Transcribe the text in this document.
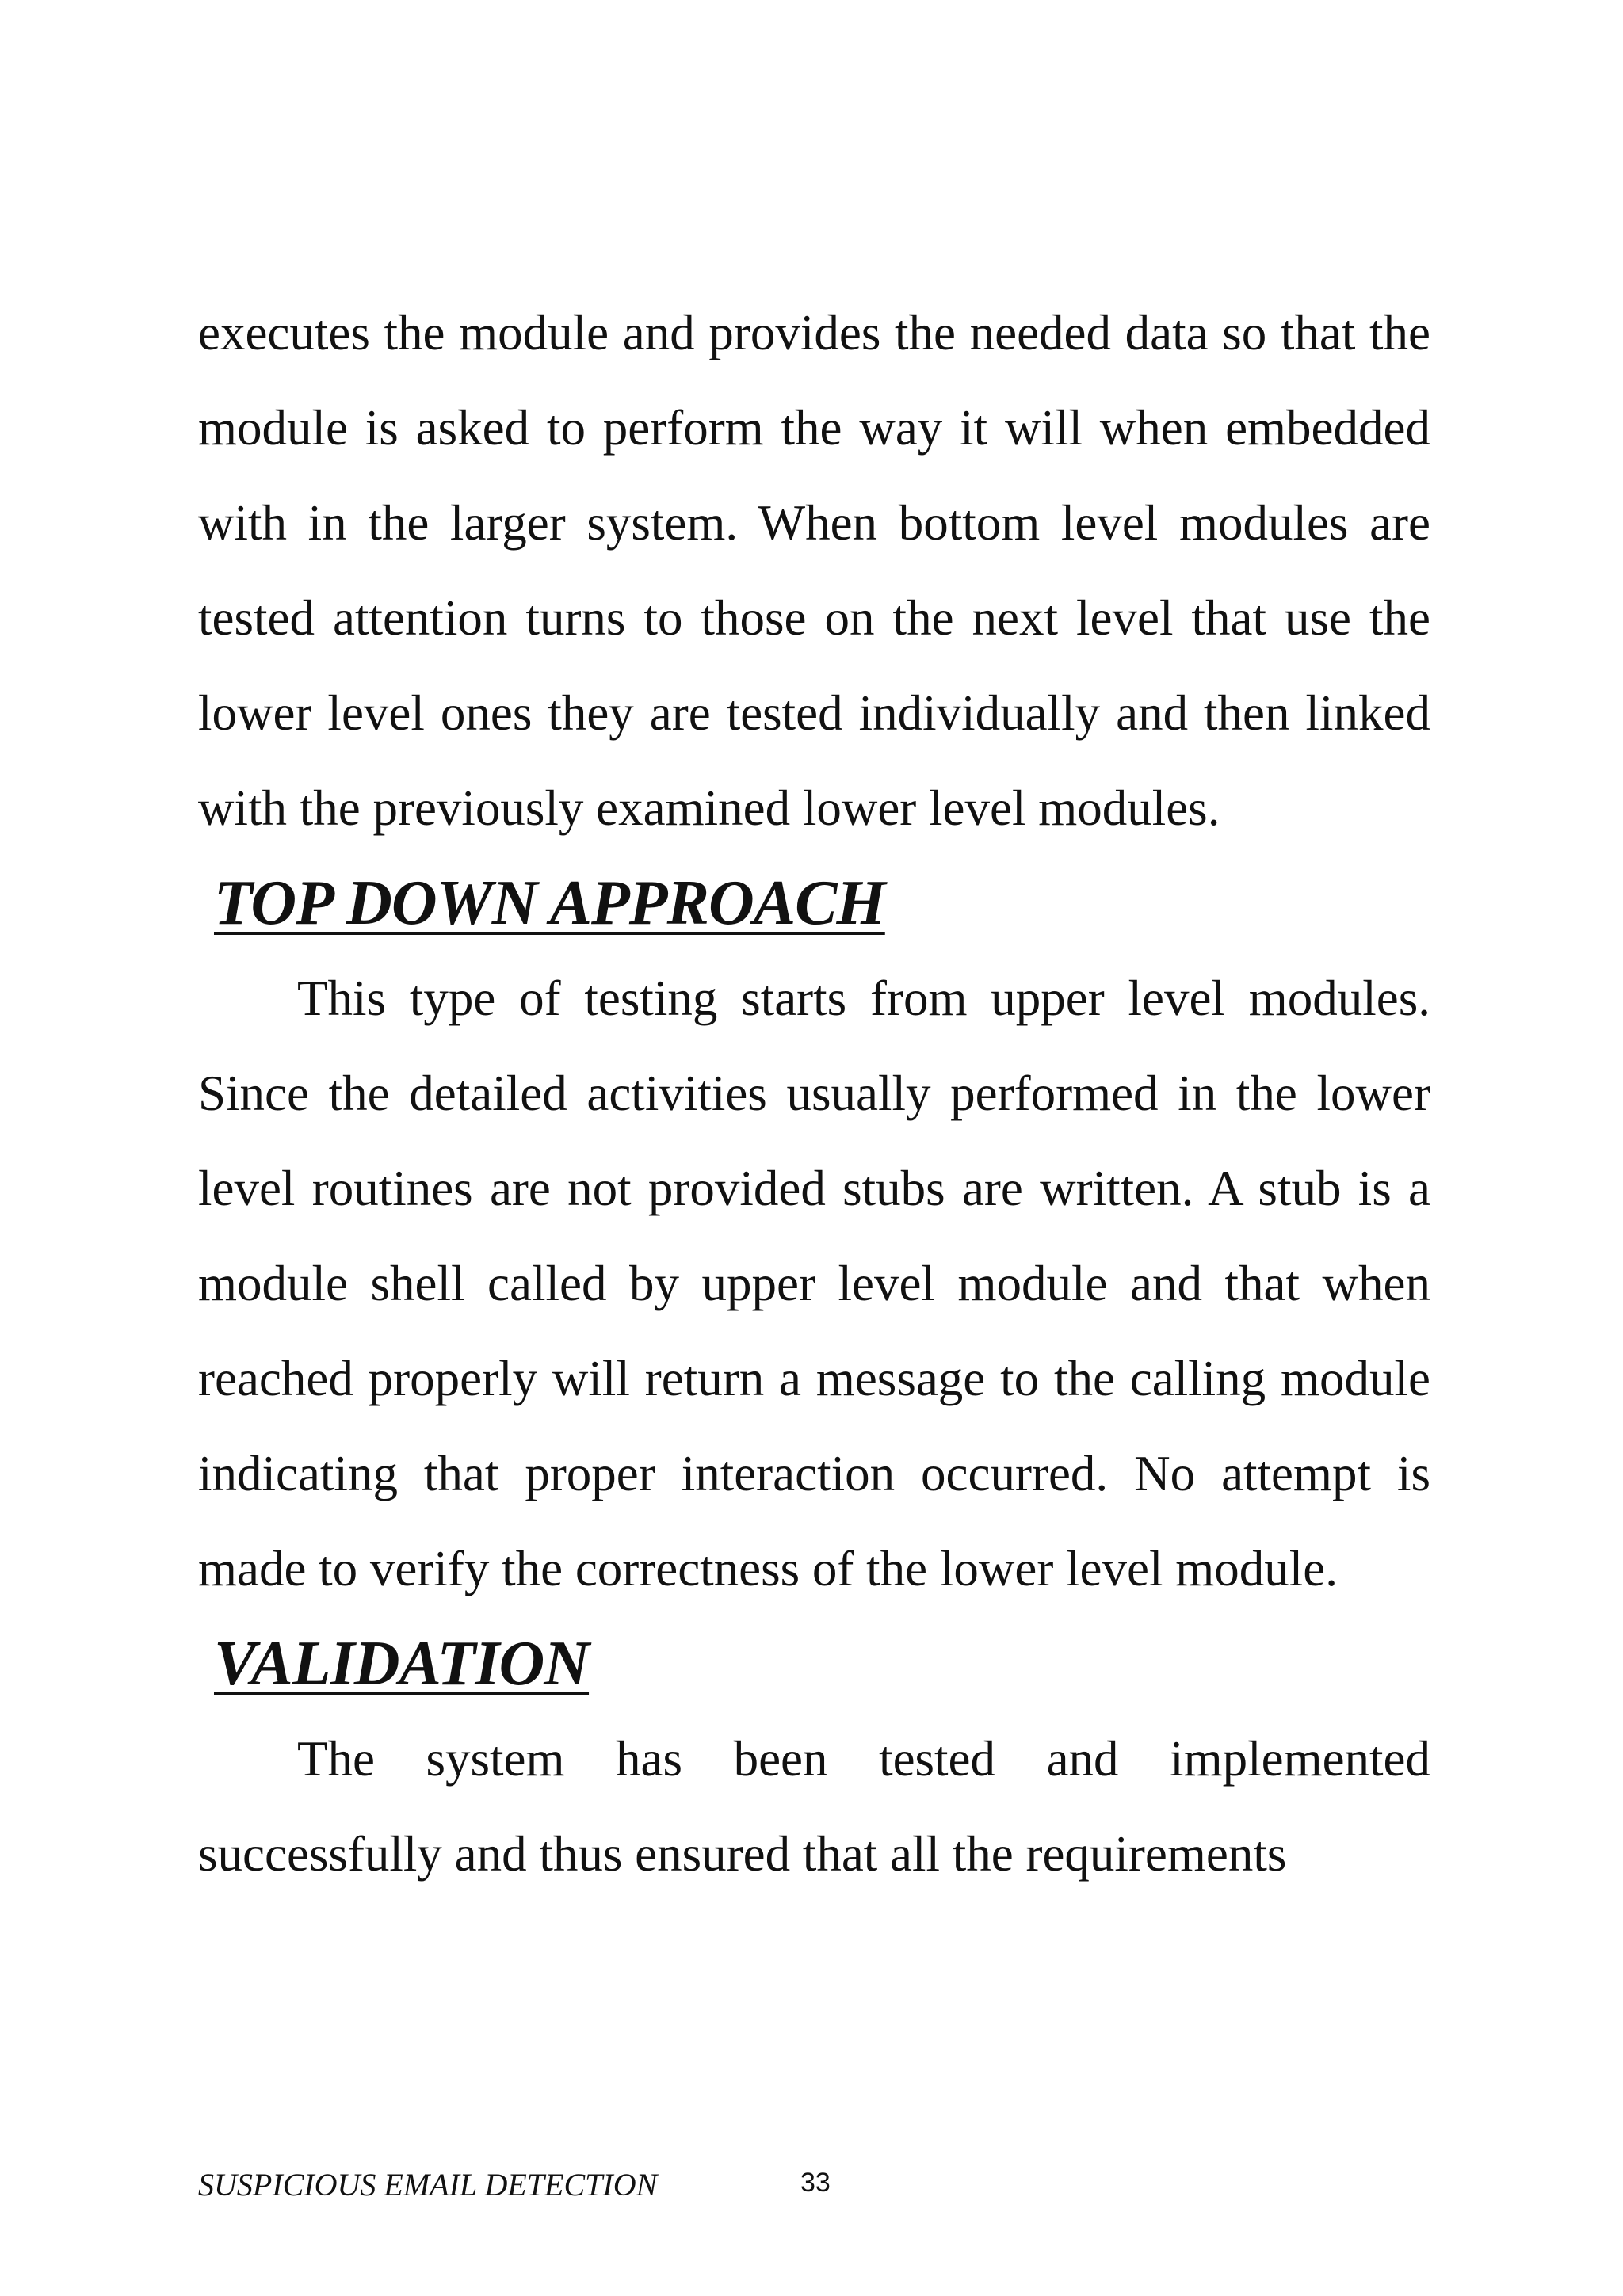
executes the module and provides the needed data so that the module is asked to perform the way it will when embedded with in the larger system. When bottom level modules are tested attention turns to those on the next level that use the lower level ones they are tested individually and then linked with the previously examined lower level modules.

TOP DOWN APPROACH

This type of testing starts from upper level modules. Since the detailed activities usually performed in the lower level routines are not provided stubs are written. A stub is a module shell called by upper level module and that when reached properly will return a message to the calling module indicating that proper interaction occurred. No attempt is made to verify the correctness of the lower level module.

VALIDATION

The system has been tested and implemented successfully and thus ensured that all the requirements

SUSPICIOUS EMAIL DETECTION	33
